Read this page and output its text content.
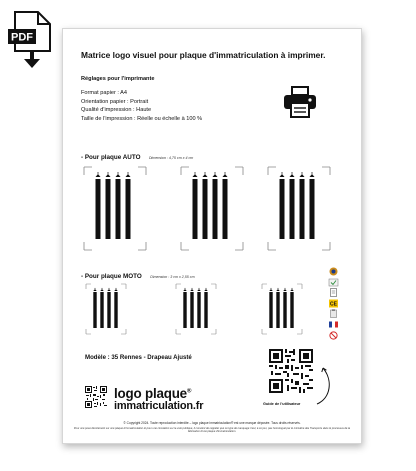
PDF
Matrice logo visuel pour plaque d'immatriculation à imprimer.
Réglages pour l'imprimante
Format papier : A4
Orientation papier : Portrait
Qualité d'impression : Haute
Taille de l'impression : Réelle ou échelle à 100 %
- Pour plaque AUTO Dimension : 4,75 cm x 4 cm
- Pour plaque MOTO Dimension : 3 cm x 2,55 cm
CE
Modèle : 35 Rennes - Drapeau Ajusté
Guide de l'utilisateur
logo plaque®
immatriculation.fr
© Copyright 2024. Toute reproduction interdite – logo plaque immatriculation® est une marque déposée. Tous droits réservés.
Pour une pose directement sur une plaque d'immatriculation et pour une circulation sur la voie publique, il convient de rappeler que ce type de marquage n'est, à ce jour, pas homologué par le ministère des Transports dans le processus de la fabrication d'une plaque d'immatriculation.
